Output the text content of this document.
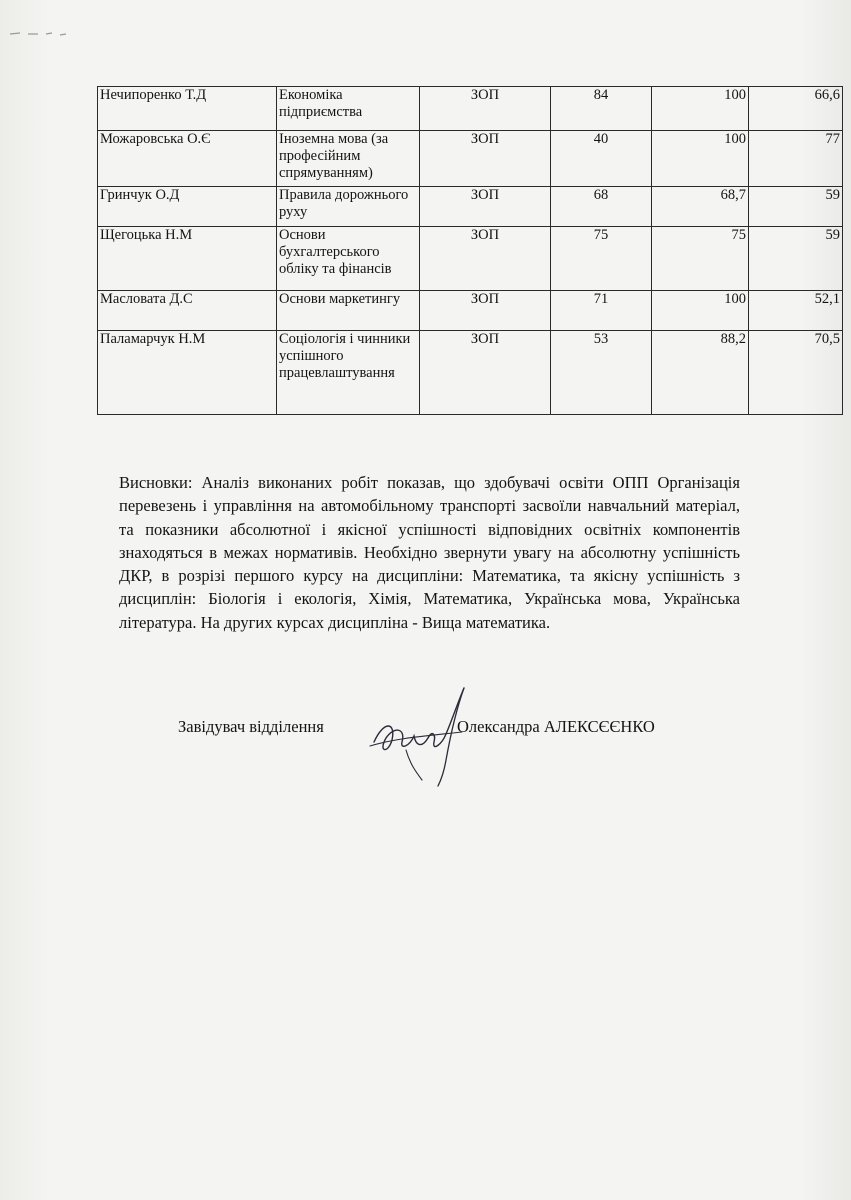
Нечипоренко Т.Д	Економіка підприємства	ЗОП	84	100	66,6
Можаровська О.Є	Іноземна мова (за професійним спрямуванням)	ЗОП	40	100	77
Гринчук О.Д	Правила дорожнього руху	ЗОП	68	68,7	59
Щегоцька Н.М	Основи бухгалтерського обліку та фінансів	ЗОП	75	75	59
Масловата Д.С	Основи маркетингу	ЗОП	71	100	52,1
Паламарчук Н.М	Соціологія і чинники успішного працевлаштування	ЗОП	53	88,2	70,5

Висновки: Аналіз виконаних робіт показав, що здобувачі освіти ОПП Організація перевезень і управління на автомобільному транспорті засвоїли навчальний матеріал, та показники абсолютної і якісної успішності відповідних освітніх компонентів знаходяться в межах нормативів. Необхідно звернути увагу на абсолютну успішність ДКР, в розрізі першого курсу на дисципліни: Математика, та якісну успішність з дисциплін: Біологія і екологія, Хімія, Математика, Українська мова, Українська література. На других курсах дисципліна - Вища математика.

Завідувач відділення	Олександра АЛЕКСЄЄНКО
